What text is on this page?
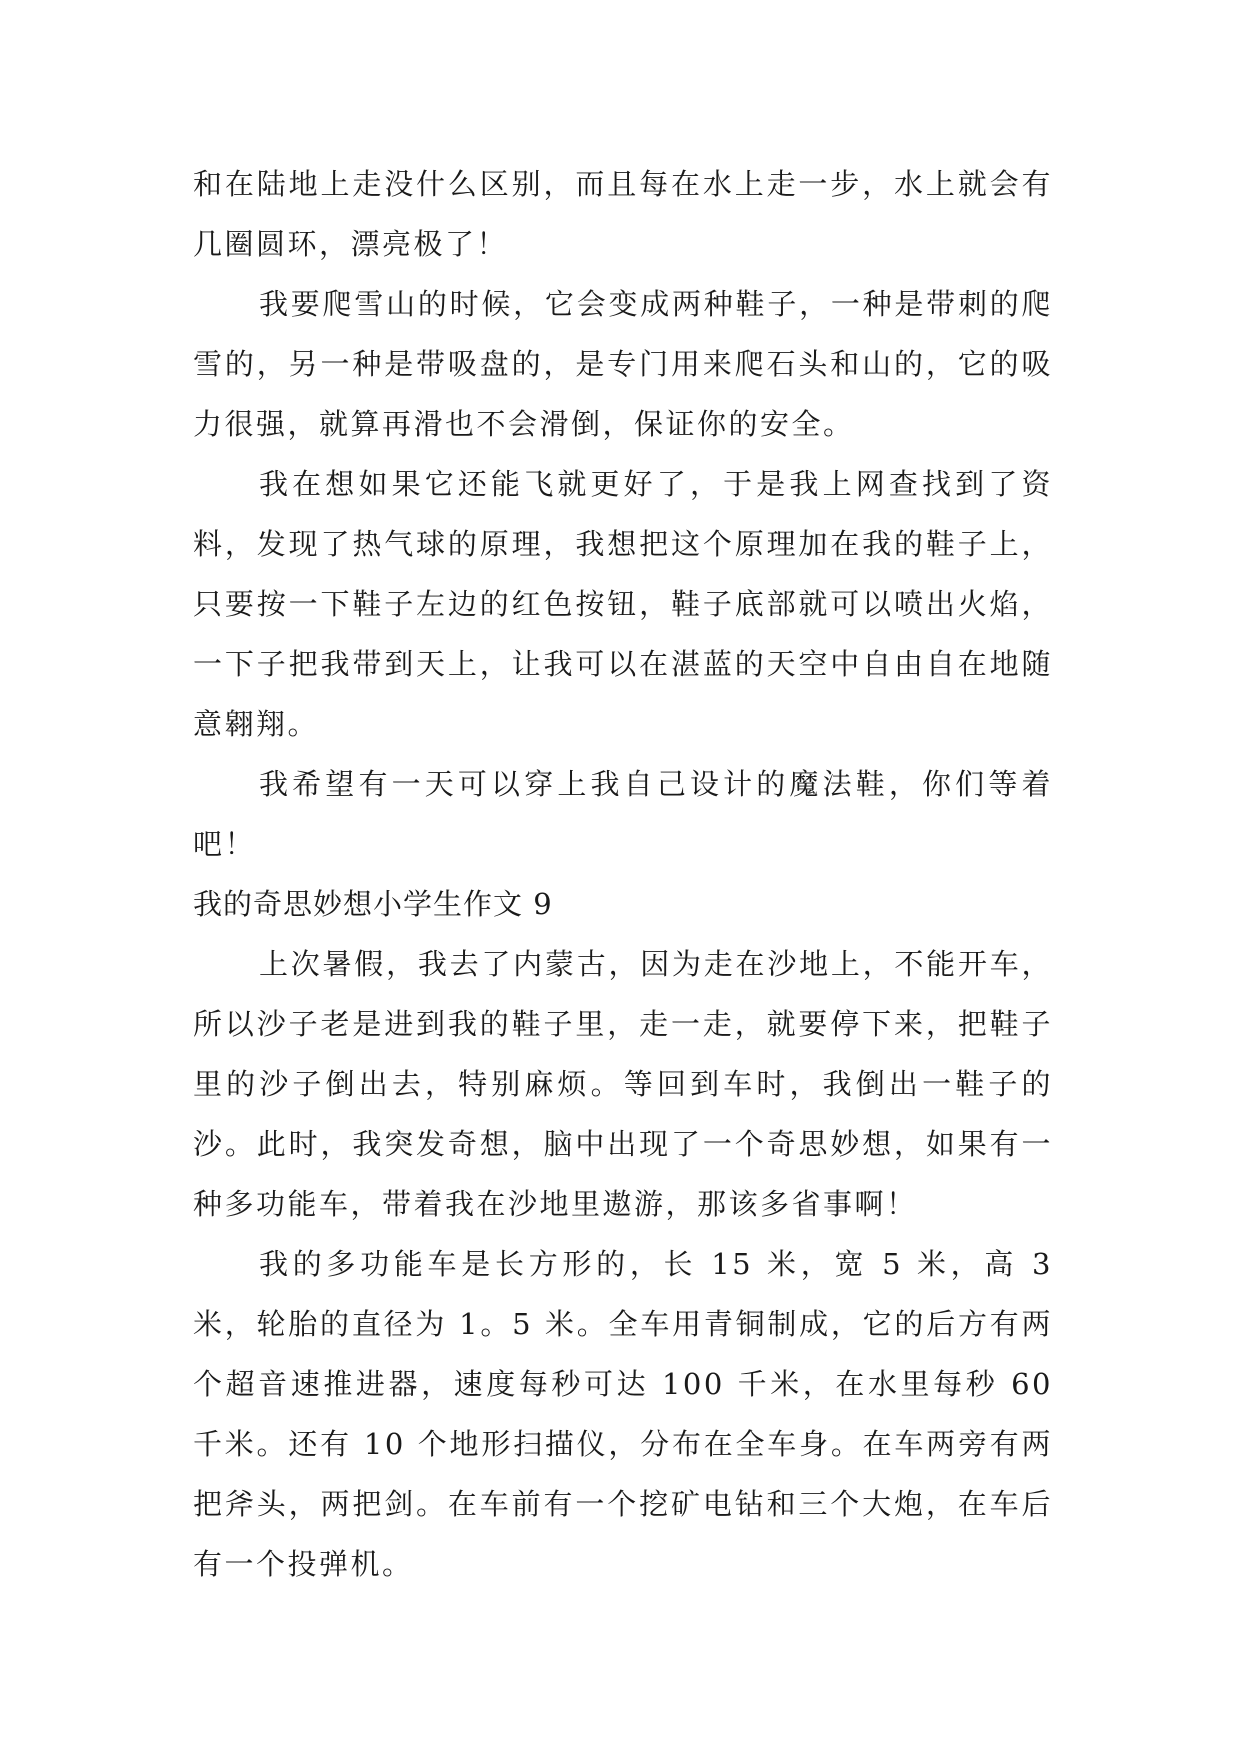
和在陆地上走没什么区别，而且每在水上走一步，水上就会有几圈圆环，漂亮极了！

我要爬雪山的时候，它会变成两种鞋子，一种是带刺的爬雪的，另一种是带吸盘的，是专门用来爬石头和山的，它的吸力很强，就算再滑也不会滑倒，保证你的安全。

我在想如果它还能飞就更好了，于是我上网查找到了资料，发现了热气球的原理，我想把这个原理加在我的鞋子上，只要按一下鞋子左边的红色按钮，鞋子底部就可以喷出火焰，一下子把我带到天上，让我可以在湛蓝的天空中自由自在地随意翱翔。

我希望有一天可以穿上我自己设计的魔法鞋，你们等着吧！

我的奇思妙想小学生作文 9

上次暑假，我去了内蒙古，因为走在沙地上，不能开车，所以沙子老是进到我的鞋子里，走一走，就要停下来，把鞋子里的沙子倒出去，特别麻烦。等回到车时，我倒出一鞋子的沙。此时，我突发奇想，脑中出现了一个奇思妙想，如果有一种多功能车，带着我在沙地里遨游，那该多省事啊！

我的多功能车是长方形的，长 15 米，宽 5 米，高 3 米，轮胎的直径为 1。5 米。全车用青铜制成，它的后方有两个超音速推进器，速度每秒可达 100 千米，在水里每秒 60 千米。还有 10 个地形扫描仪，分布在全车身。在车两旁有两把斧头，两把剑。在车前有一个挖矿电钻和三个大炮，在车后有一个投弹机。
